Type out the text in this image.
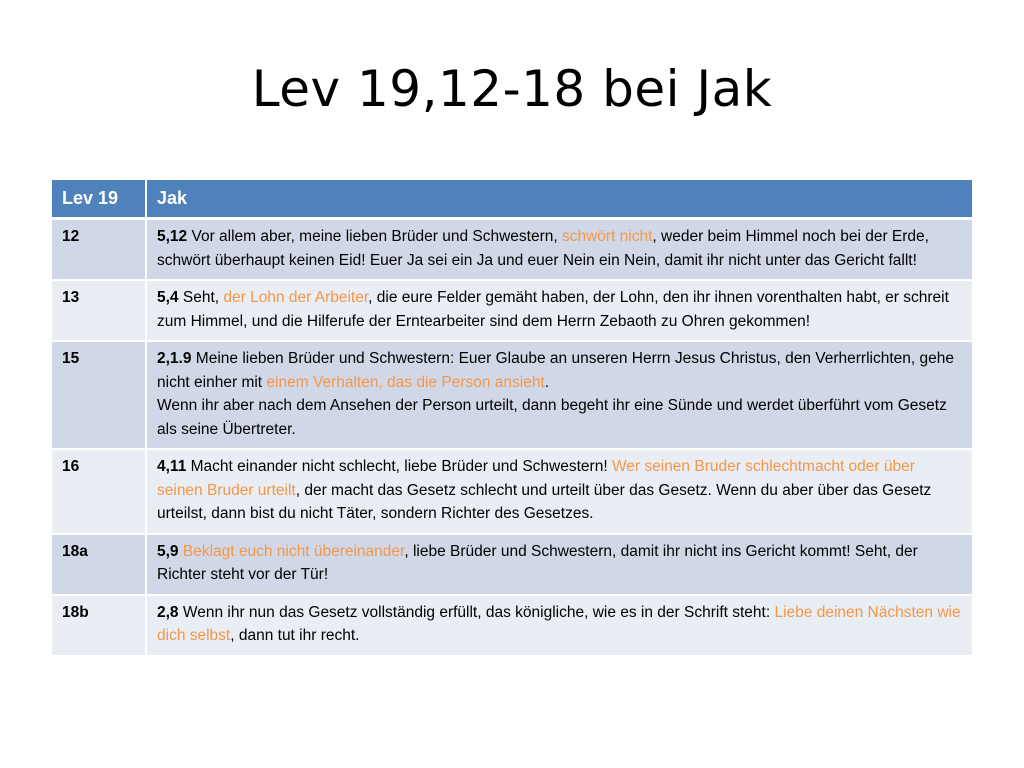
Lev 19,12-18 bei Jak
Lev 19	Jak
12	5,12 Vor allem aber, meine lieben Brüder und Schwestern, schwört nicht, weder beim Himmel noch bei der Erde, schwört überhaupt keinen Eid! Euer Ja sei ein Ja und euer Nein ein Nein, damit ihr nicht unter das Gericht fallt!
13	5,4 Seht, der Lohn der Arbeiter, die eure Felder gemäht haben, der Lohn, den ihr ihnen vorenthalten habt, er schreit zum Himmel, und die Hilferufe der Erntearbeiter sind dem Herrn Zebaoth zu Ohren gekommen!
15	2,1.9 Meine lieben Brüder und Schwestern: Euer Glaube an unseren Herrn Jesus Christus, den Verherrlichten, gehe nicht einher mit einem Verhalten, das die Person ansieht.
Wenn ihr aber nach dem Ansehen der Person urteilt, dann begeht ihr eine Sünde und werdet überführt vom Gesetz als seine Übertreter.
16	4,11 Macht einander nicht schlecht, liebe Brüder und Schwestern! Wer seinen Bruder schlechtmacht oder über seinen Bruder urteilt, der macht das Gesetz schlecht und urteilt über das Gesetz. Wenn du aber über das Gesetz urteilst, dann bist du nicht Täter, sondern Richter des Gesetzes.
18a	5,9 Beklagt euch nicht übereinander, liebe Brüder und Schwestern, damit ihr nicht ins Gericht kommt! Seht, der Richter steht vor der Tür!
18b	2,8 Wenn ihr nun das Gesetz vollständig erfüllt, das königliche, wie es in der Schrift steht: Liebe deinen Nächsten wie dich selbst, dann tut ihr recht.
